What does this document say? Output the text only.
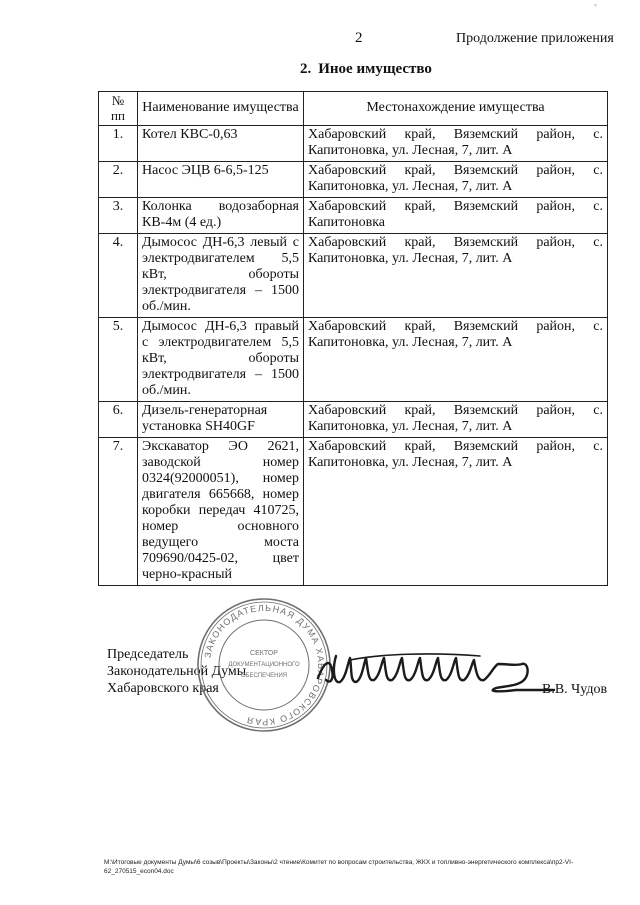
2	Продолжение приложения
*
2. Иное имущество
№
пп	Наименование имущества	Местонахождение имущества
1.	Котел КВС-0,63	Хабаровский край, Вяземский район, с. Капитоновка, ул. Лесная, 7, лит. А
2.	Насос ЭЦВ 6-6,5-125	Хабаровский край, Вяземский район, с. Капитоновка, ул. Лесная, 7, лит. А
3.	Колонка водозаборная КВ-4м (4 ед.)	Хабаровский край, Вяземский район, с. Капитоновка
4.	Дымосос ДН-6,3 левый с электродвигателем 5,5 кВт, обороты электродвигателя – 1500 об./мин.	Хабаровский край, Вяземский район, с. Капитоновка, ул. Лесная, 7, лит. А
5.	Дымосос ДН-6,3 правый с электродвигателем 5,5 кВт, обороты электродвигателя – 1500 об./мин.	Хабаровский край, Вяземский район, с. Капитоновка, ул. Лесная, 7, лит. А
6.	Дизель-генераторная установка SH40GF	Хабаровский край, Вяземский район, с. Капитоновка, ул. Лесная, 7, лит. А
7.	Экскаватор ЭО 2621, заводской номер 0324(92000051), номер двигателя 665668, номер коробки передач 410725, номер основного ведущего моста 709690/0425-02, цвет черно-красный	Хабаровский край, Вяземский район, с. Капитоновка, ул. Лесная, 7, лит. А
Председатель
Законодательной Думы
Хабаровского края
ЗАКОНОДАТЕЛЬНАЯ ДУМА ХАБАРОВСКОГО КРАЯ
СЕКТОР
ДОКУМЕНТАЦИОННОГО
ОБЕСПЕЧЕНИЯ
В.В. Чудов
M:\Итоговые документы Думы\6 созыв\Проекты\Законы\2 чтение\Комитет по вопросам строительства, ЖКХ и топливно-энергетического комплекса\пр2-VI-62_270515_econ04.doc
